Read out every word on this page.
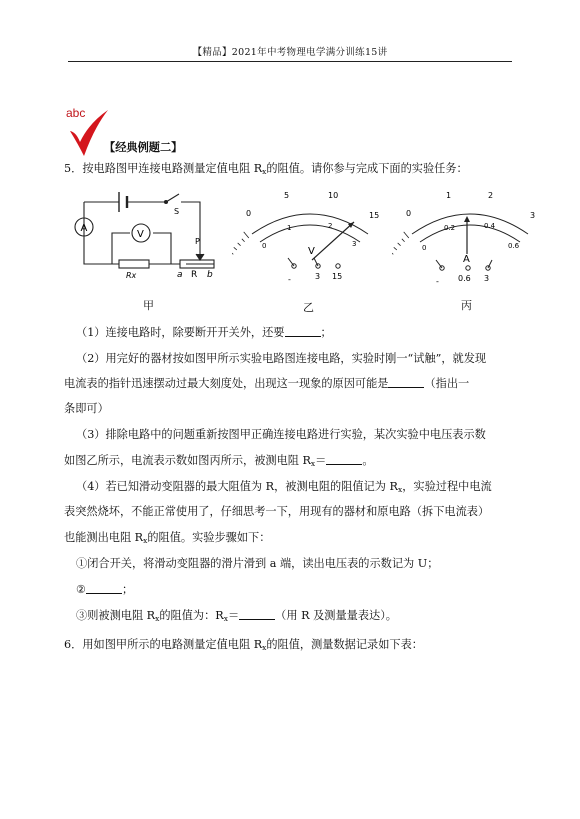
【精品】2021年中考物理电学满分训练15讲
abc
【经典例题二】
5．按电路图甲连接电路测量定值电阻 $R_x$的阻值。请你参与完成下面的实验任务：
A
V
S
P
Rx	a R b
0
5	10
15
0
1	2
3
V
-	3 15
0
1	2
3
0
0.2	0.4
0.6
A
- 0.6 3
甲	乙	丙
（1）连接电路时，除要断开开关外，还要	；
（2）用完好的器材按如图甲所示实验电路图连接电路，实验时刚一“试触”，就发现
电流表的指针迅速摆动过最大刻度处，出现这一现象的原因可能是	（指出一
条即可）
（3）排除电路中的问题重新按图甲正确连接电路进行实验，某次实验中电压表示数
如图乙所示，电流表示数如图丙所示，被测电阻 $R_x=$	。
（4）若已知滑动变阻器的最大阻值为 R，被测电阻的阻值记为 $R_x$，实验过程中电流
表突然烧坏，不能正常使用了，仔细思考一下，用现有的器材和原电路（拆下电流表）
也能测出电阻 $R_x$的阻值。实验步骤如下：
①闭合开关，将滑动变阻器的滑片滑到 a 端，读出电压表的示数记为 U；
②	；
③则被测电阻 $R_x$的阻值为：$R_x=$	（用 R 及测量量表达）。
6．用如图甲所示的电路测量定值电阻 $R_x$的阻值，测量数据记录如下表：
